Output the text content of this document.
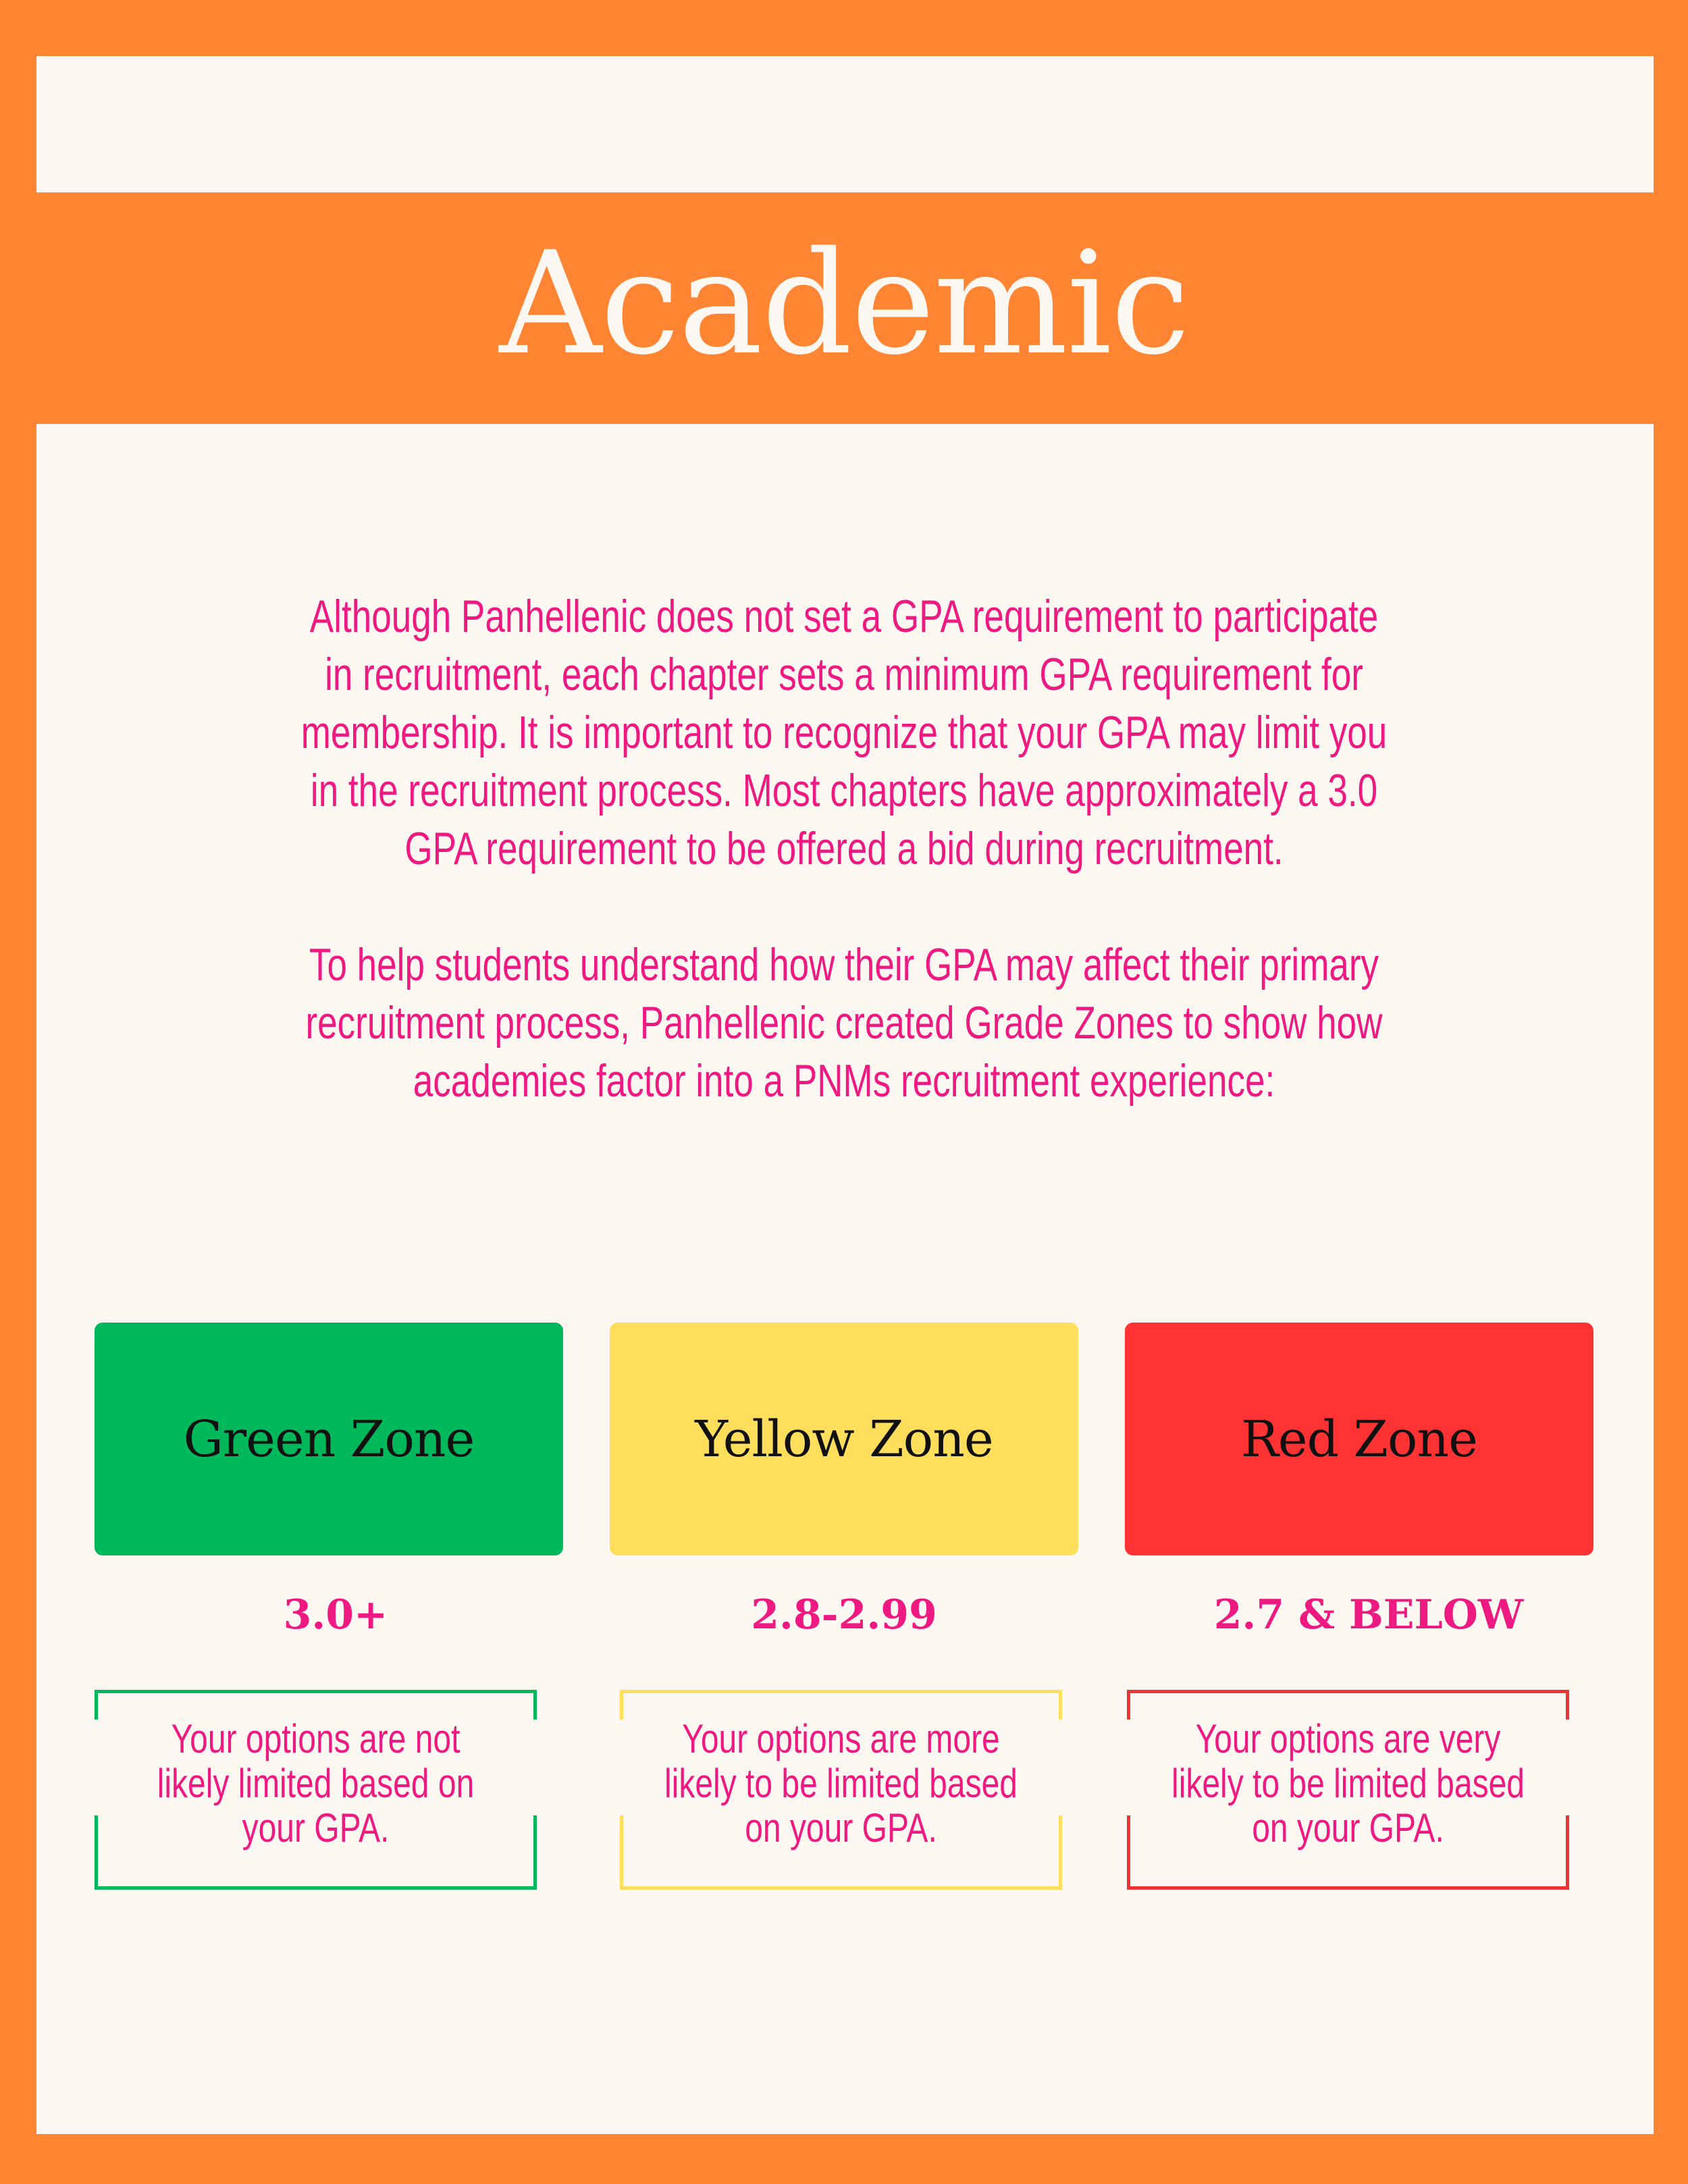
Academic

Although Panhellenic does not set a GPA requirement to participate in recruitment, each chapter sets a minimum GPA requirement for membership. It is important to recognize that your GPA may limit you in the recruitment process. Most chapters have approximately a 3.0 GPA requirement to be offered a bid during recruitment.

To help students understand how their GPA may affect their primary recruitment process, Panhellenic created Grade Zones to show how academies factor into a PNMs recruitment experience:

Green Zone
3.0+
Your options are not likely limited based on your GPA.
Yellow Zone
2.8-2.99
Your options are more likely to be limited based on your GPA.
Red Zone
2.7 & BELOW
Your options are very likely to be limited based on your GPA.
